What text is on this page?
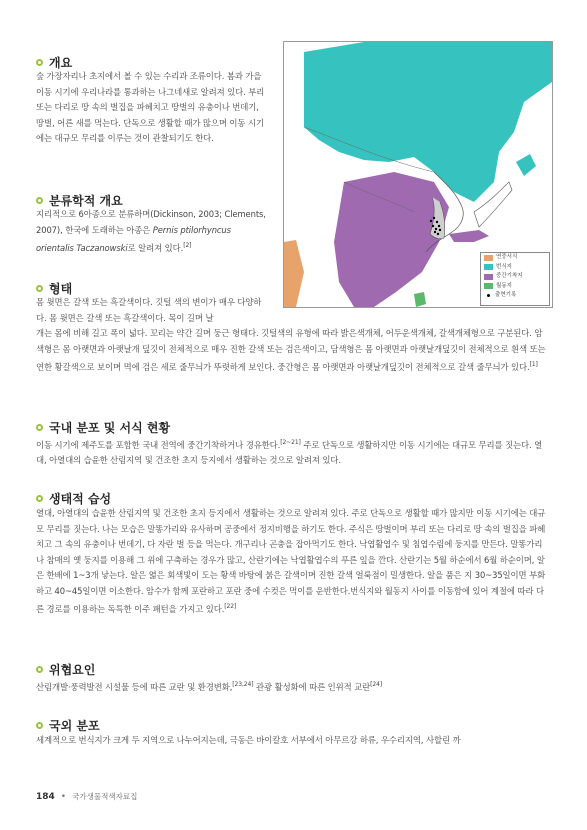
개요
숲 가장자리나 초지에서 볼 수 있는 수리과 조류이다. 봄과 가을 이동 시기에 우리나라를 통과하는 나그네새로 알려져 있다. 부리 또는 다리로 땅 속의 벌집을 파헤치고 땅벌의 유충이나 번데기, 땅벌, 어른 새를 먹는다. 단독으로 생활할 때가 많으며 이동 시기에는 대규모 무리를 이루는 것이 관찰되기도 한다.
분류학적 개요
지리적으로 6아종으로 분류하며(Dickinson, 2003; Clements, 2007), 한국에 도래하는 아종은 Pernis ptilorhyncus orientalis Taczanowski로 알려져 있다.[2]
형태
몸 윗면은 갈색 또는 흑갈색이다. 깃털 색의 변이가 매우 다양하다. 몸 윗면은 갈색 또는 흑갈색이다. 목이 길며 날
개는 몸에 비해 길고 폭이 넓다. 꼬리는 약간 길며 둥근 형태다. 깃털색의 유형에 따라 밝은색개체, 어두운색개체, 갈색개체형으로 구분된다. 암색형은 몸 아랫면과 아랫날개 덮깃이 전체적으로 매우 진한 갈색 또는 검은색이고, 담색형은 몸 아랫면과 아랫날개덮깃이 전체적으로 흰색 또는 연한 황갈색으로 보이며 멱에 검은 세로 줄무늬가 뚜렷하게 보인다. 중간형은 몸 아랫면과 아랫날개덮깃이 전체적으로 갈색 줄무늬가 있다.[1]
국내 분포 및 서식 현황
이동 시기에 제주도를 포함한 국내 전역에 중간기착하거나 경유한다.[2~21] 주로 단독으로 생활하지만 이동 시기에는 대규모 무리를 짓는다. 열대, 아열대의 습윤한 산림지역 및 건조한 초지 등지에서 생활하는 것으로 알려져 있다.
생태적 습성
열대, 아열대의 습윤한 산림지역 및 건조한 초지 등지에서 생활하는 것으로 알려져 있다. 주로 단독으로 생활할 때가 많지만 이동 시기에는 대규모 무리를 짓는다. 나는 모습은 말똥가리와 유사하며 공중에서 정지비행을 하기도 한다. 주식은 땅벌이며 부리 또는 다리로 땅 속의 벌집을 파헤치고 그 속의 유충이나 번데기, 다 자란 벌 등을 먹는다. 개구리나 곤충을 잡아먹기도 한다. 낙엽활엽수 및 침엽수림에 둥지를 만든다. 말똥가리나 참매의 옛 둥지를 이용해 그 위에 구축하는 경우가 많고, 산란기에는 낙엽활엽수의 푸른 잎을 깐다. 산란기는 5월 하순에서 6월 하순이며, 알은 한배에 1~3개 낳는다. 알은 엷은 회색빛이 도는 황색 바탕에 붉은 갈색이며 진한 갈색 얼룩점이 밀생한다. 알을 품은 지 30~35일이면 부화하고 40~45일이면 이소한다. 암수가 함께 포란하고 포란 중에 수컷은 먹이를 운반한다.번식지와 월동지 사이를 이동함에 있어 계절에 따라 다른 경로를 이용하는 독특한 이주 패턴을 가지고 있다.[22]
위협요인
산림개발·풍력발전 시설물 등에 따른 교란 및 환경변화,[23,24] 관광 활성화에 따른 인위적 교란[24]
국외 분포
세계적으로 번식지가 크게 두 지역으로 나누어지는데, 극동은 바이칼호 서부에서 아무르강 하류, 우수리지역, 사할린 까
연중서식
번식지
중간기착지
월동지
출현기록
184 • 국가생물적색자료집
